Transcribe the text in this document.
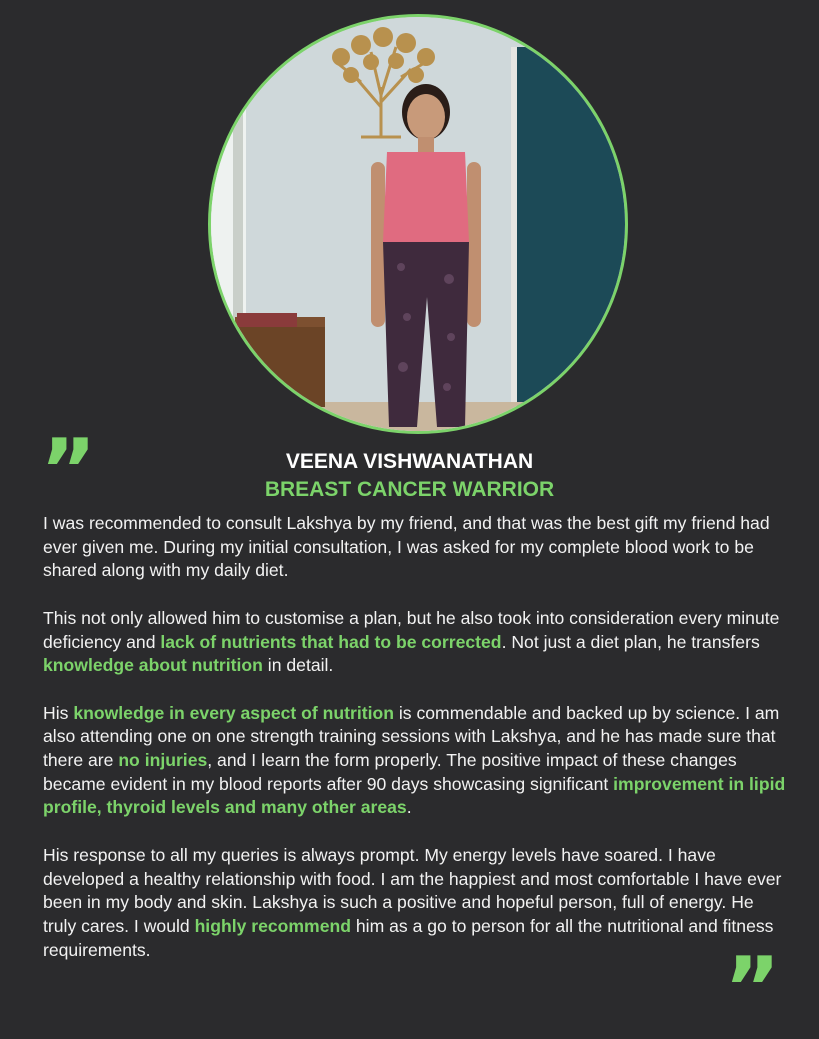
”	VEENA VISHWANATHAN
BREAST CANCER WARRIOR

I was recommended to consult Lakshya by my friend, and that was the best gift my friend had ever given me. During my initial consultation, I was asked for my complete blood work to be shared along with my daily diet.

This not only allowed him to customise a plan, but he also took into consideration every minute deficiency and lack of nutrients that had to be corrected. Not just a diet plan, he transfers knowledge about nutrition in detail.

His knowledge in every aspect of nutrition is commendable and backed up by science. I am also attending one on one strength training sessions with Lakshya, and he has made sure that there are no injuries, and I learn the form properly. The positive impact of these changes became evident in my blood reports after 90 days showcasing significant improvement in lipid profile, thyroid levels and many other areas.

His response to all my queries is always prompt. My energy levels have soared. I have developed a healthy relationship with food. I am the happiest and most comfortable I have ever been in my body and skin. Lakshya is such a positive and hopeful person, full of energy. He truly cares. I would highly recommend him as a go to person for all the nutritional and fitness requirements.	”
